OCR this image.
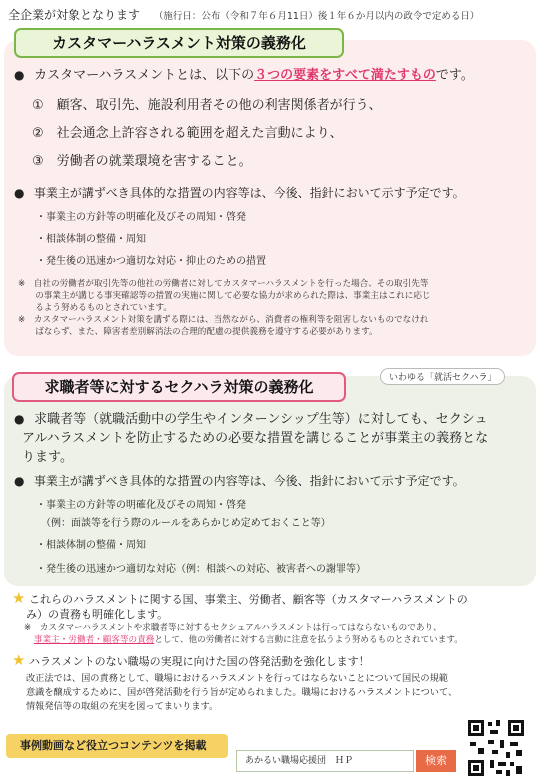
全企業が対象となります （施行日：公布（令和７年６月11日）後１年６か月以内の政令で定める日）
カスタマーハラスメント対策の義務化
● カスタマーハラスメントとは、以下の３つの要素をすべて満たすものです。
①　 顧客、取引先、施設利用者その他の利害関係者が行う、
②　 社会通念上許容される範囲を超えた言動により、
③　 労働者の就業環境を害すること。
● 事業主が講ずべき具体的な措置の内容等は、今後、指針において示す予定です。
・事業主の方針等の明確化及びその周知・啓発
・相談体制の整備・周知
・発生後の迅速かつ適切な対応・抑止のための措置
※　自社の労働者が取引先等の他社の労働者に対してカスタマーハラスメントを行った場合、その取引先等
　　の事業主が講じる事実確認等の措置の実施に関して必要な協力が求められた際は、事業主はこれに応じ
　　るよう努めるものとされています。
※　カスタマーハラスメント対策を講ずる際には、当然ながら、消費者の権利等を阻害しないものでなけれ
　　ばならず、また、障害者差別解消法の合理的配慮の提供義務を遵守する必要があります。
求職者等に対するセクハラ対策の義務化	いわゆる「就活セクハラ」
● 求職者等（就職活動中の学生やインターンシップ生等）に対しても、セクシュ
アルハラスメントを防止するための必要な措置を講じることが事業主の義務とな
ります。
● 事業主が講ずべき具体的な措置の内容等は、今後、指針において示す予定です。
・事業主の方針等の明確化及びその周知・啓発
　（例：面談等を行う際のルールをあらかじめ定めておくこと等）
・相談体制の整備・周知
・発生後の迅速かつ適切な対応（例：相談への対応、被害者への謝罪等）
★ これらのハラスメントに関する国、事業主、労働者、顧客等（カスタマーハラスメントの
み）の責務も明確化します。
※　カスタマーハラスメントや求職者等に対するセクシュアルハラスメントは行ってはならないものであり、
事業主・労働者・顧客等の責務として、他の労働者に対する言動に注意を払うよう努めるものとされています。
★ ハラスメントのない職場の実現に向けた国の啓発活動を強化します！
改正法では、国の責務として、職場におけるハラスメントを行ってはならないことについて国民の規範
意識を醸成するために、国が啓発活動を行う旨が定められました。職場におけるハラスメントについて、
情報発信等の取組の充実を図ってまいります。
事例動画など役立つコンテンツを掲載
あかるい職場応援団　ＨＰ	検索
